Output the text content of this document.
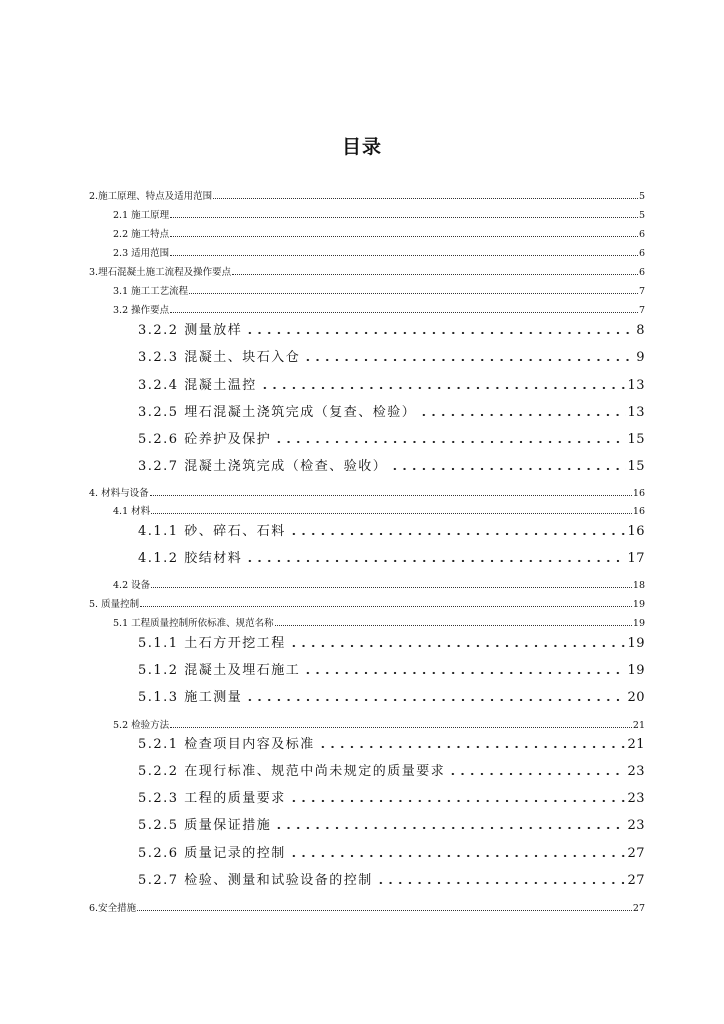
目录
2.施工原理、特点及适用范围	5
2.1 施工原理	5
2.2 施工特点	6
2.3 适用范围	6
3.埋石混凝土施工流程及操作要点	6
3.1 施工工艺流程	7
3.2 操作要点	7
3.2.2 测量放样	8
3.2.3 混凝土、块石入仓	9
3.2.4 混凝土温控	13
3.2.5 埋石混凝土浇筑完成（复查、检验）	13
5.2.6 砼养护及保护	15
3.2.7 混凝土浇筑完成（检查、验收）	15
4. 材料与设备	16
4.1 材料	16
4.1.1 砂、碎石、石料	16
4.1.2 胶结材料	17
4.2 设备	18
5. 质量控制	19
5.1 工程质量控制所依标准、规范名称	19
5.1.1 土石方开挖工程	19
5.1.2 混凝土及埋石施工	19
5.1.3 施工测量	20
5.2 检验方法	21
5.2.1 检查项目内容及标准	21
5.2.2 在现行标准、规范中尚未规定的质量要求	23
5.2.3 工程的质量要求	23
5.2.5 质量保证措施	23
5.2.6 质量记录的控制	27
5.2.7 检验、测量和试验设备的控制	27
6.安全措施	27
